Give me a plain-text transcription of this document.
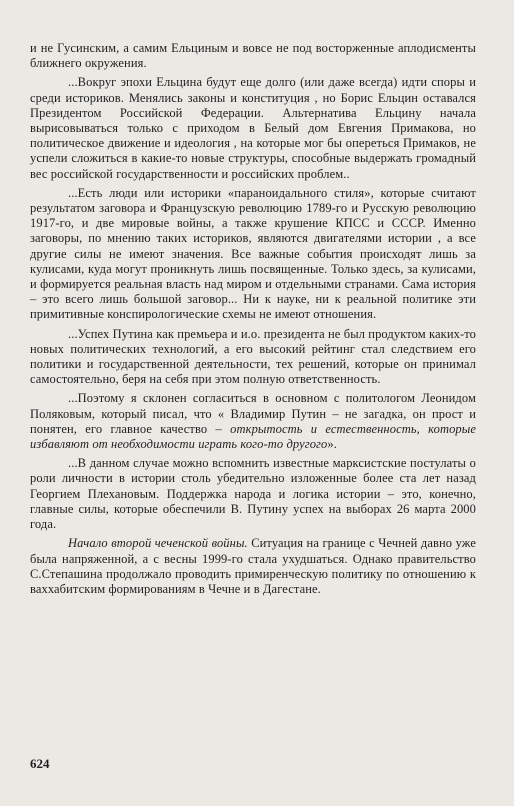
и не Гусинским, а самим Ельциным и вовсе не под восторженные аплодисменты ближнего окружения.

...Вокруг эпохи Ельцина будут еще долго (или даже всегда) идти споры и среди историков. Менялись законы и конституция , но Борис Ельцин оставался Президентом Российской Федерации. Альтернатива Ельцину начала вырисовываться только с приходом в Белый дом Евгения Примакова, но политическое движение и идеология , на которые мог бы опереться Примаков, не успели сложиться в какие-то новые структуры, способные выдержать громадный вес российской государственности и российских проблем..

...Есть люди или историки «параноидального стиля», которые считают результатом заговора и Французскую революцию 1789-го и Русскую революцию 1917-го, и две мировые войны, а также крушение КПСС и СССР. Именно заговоры, по мнению таких историков, являются двигателями истории , а все другие силы не имеют значения. Все важные события происходят лишь за кулисами, куда могут проникнуть лишь посвященные. Только здесь, за кулисами, и формируется реальная власть над миром и отдельными странами. Сама история – это всего лишь большой заговор... Ни к науке, ни к реальной политике эти примитивные конспирологические схемы не имеют отношения.

...Успех Путина как премьера и и.о. президента не был продуктом каких-то новых политических технологий, а его высокий рейтинг стал следствием его политики и государственной деятельности, тех решений, которые он принимал самостоятельно, беря на себя при этом полную ответственность.

...Поэтому я склонен согласиться в основном с политологом Леонидом Поляковым, который писал, что « Владимир Путин – не загадка, он прост и понятен, его главное качество – открытость и естественность, которые избавляют от необходимости играть кого-то другого».

...В данном случае можно вспомнить известные марксистские постулаты о роли личности в истории столь убедительно изложенные более ста лет назад Георгием Плехановым. Поддержка народа и логика истории – это, конечно, главные силы, которые обеспечили В. Путину успех на выборах 26 марта 2000 года.

Начало второй чеченской войны. Ситуация на границе с Чечней давно уже была напряженной, а с весны 1999-го стала ухудшаться. Однако правительство С.Степашина продолжало проводить примиренческую политику по отношению к ваххабитским формированиям в Чечне и в Дагестане.

624
